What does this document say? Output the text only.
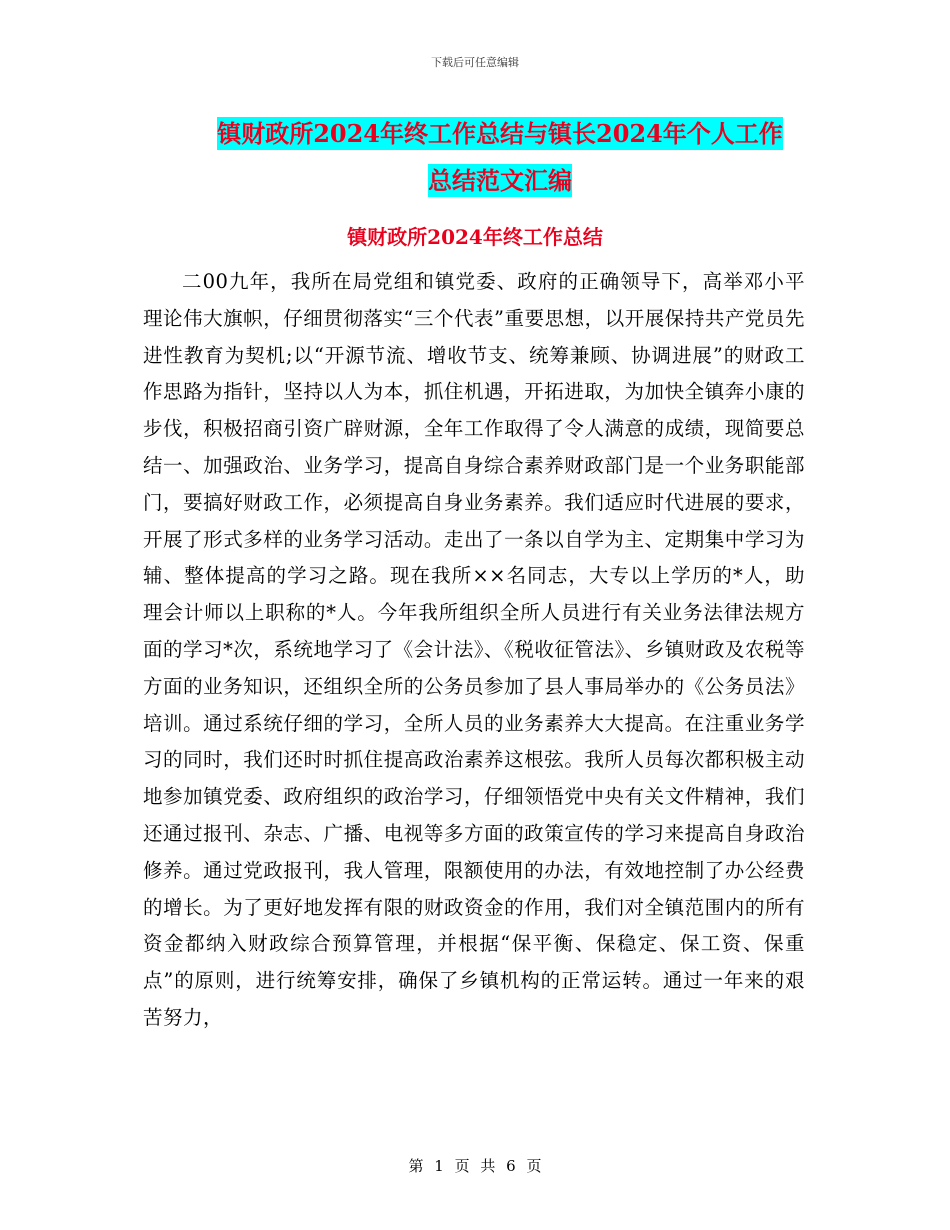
下载后可任意编辑
镇财政所2024年终工作总结与镇长2024年个人工作
总结范文汇编
镇财政所2024年终工作总结

二00九年，我所在局党组和镇党委、政府的正确领导下，高举邓小平理论伟大旗帜，仔细贯彻落实“三个代表”重要思想，以开展保持共产党员先进性教育为契机;以“开源节流、增收节支、统筹兼顾、协调进展”的财政工作思路为指针，坚持以人为本，抓住机遇，开拓进取，为加快全镇奔小康的步伐，积极招商引资广辟财源，全年工作取得了令人满意的成绩，现简要总结一、加强政治、业务学习，提高自身综合素养财政部门是一个业务职能部门，要搞好财政工作，必须提高自身业务素养。我们适应时代进展的要求，开展了形式多样的业务学习活动。走出了一条以自学为主、定期集中学习为辅、整体提高的学习之路。现在我所××名同志，大专以上学历的*人，助理会计师以上职称的*人。今年我所组织全所人员进行有关业务法律法规方面的学习*次，系统地学习了《会计法》、《税收征管法》、乡镇财政及农税等方面的业务知识，还组织全所的公务员参加了县人事局举办的《公务员法》培训。通过系统仔细的学习，全所人员的业务素养大大提高。在注重业务学习的同时，我们还时时抓住提高政治素养这根弦。我所人员每次都积极主动地参加镇党委、政府组织的政治学习，仔细领悟党中央有关文件精神，我们还通过报刊、杂志、广播、电视等多方面的政策宣传的学习来提高自身政治修养。通过党政报刊，我人管理，限额使用的办法，有效地控制了办公经费的增长。为了更好地发挥有限的财政资金的作用，我们对全镇范围内的所有资金都纳入财政综合预算管理，并根据“保平衡、保稳定、保工资、保重点”的原则，进行统筹安排，确保了乡镇机构的正常运转。通过一年来的艰苦努力，

第 1 页 共 6 页
